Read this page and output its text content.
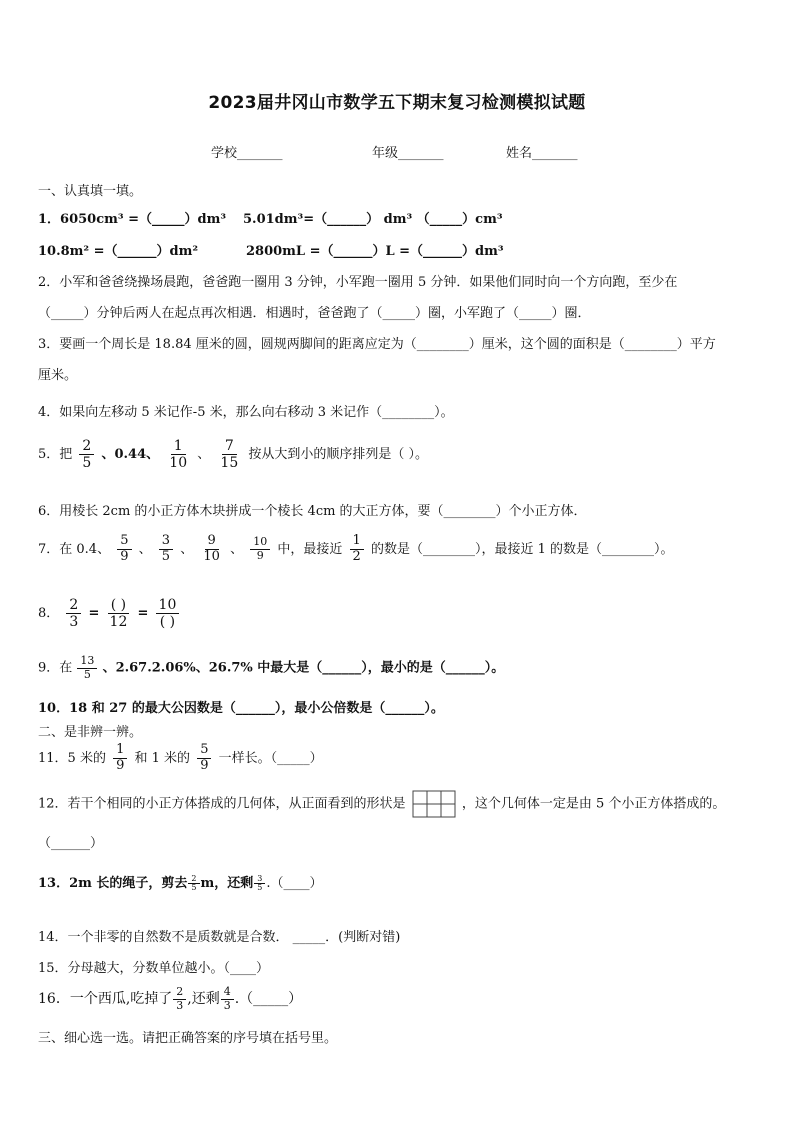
2023届井冈山市数学五下期末复习检测模拟试题
学校_______	年级_______	姓名_______
一、认真填一填。
1．6050cm³ =（_____）dm³ 5.01dm³=（______） dm³ （_____）cm³
10.8m² =（______）dm²	2800mL =（______）L =（______）dm³
2．小军和爸爸绕操场晨跑，爸爸跑一圈用 3 分钟，小军跑一圈用 5 分钟．如果他们同时向一个方向跑，至少在
（_____）分钟后两人在起点再次相遇．相遇时，爸爸跑了（_____）圈，小军跑了（_____）圈．
3．要画一个周长是 18.84 厘米的圆，圆规两脚间的距离应定为（________）厘米，这个圆的面积是（________）平方
厘米。
4．如果向左移动 5 米记作-5 米，那么向右移动 3 米记作（________）。
5．把 $\frac{2}{5}$ 、0.44、 $\frac{1}{10}$ 、 $\frac{7}{15}$ 按从大到小的顺序排列是（ ）。
6．用棱长 2cm 的小正方体木块拼成一个棱长 4cm 的大正方体，要（________）个小正方体．
7．在 0.4、 $\frac{5}{9}$ 、 $\frac{3}{5}$ 、 $\frac{9}{10}$ 、 $\frac{10}{9}$ 中，最接近 $\frac{1}{2}$ 的数是（________），最接近 1 的数是（________）。
8． $\frac{2}{3} = \frac{( )}{12} = \frac{10}{( )}$
9．在 $\frac{13}{5}$ 、2.67.2.06%、26.7% 中最大是（______），最小的是（______）。
10．18 和 27 的最大公因数是（______），最小公倍数是（______）。
二、是非辨一辨。
11．5 米的 $\frac{1}{9}$ 和 1 米的 $\frac{5}{9}$ 一样长。（_____）
12．若干个相同的小正方体搭成的几何体，从正面看到的形状是	，这个几何体一定是由 5 个小正方体搭成的。
（______）
13．2m 长的绳子，剪去 $\frac{2}{5}$ m，还剩 $\frac{3}{5}$ .（____）
14．一个非零的自然数不是质数就是合数． _____．(判断对错)
15．分母越大，分数单位越小。（____）
16．一个西瓜,吃掉了 $\frac{2}{3}$ ,还剩 $\frac{4}{3}$ .（_____）
三、细心选一选。请把正确答案的序号填在括号里。
